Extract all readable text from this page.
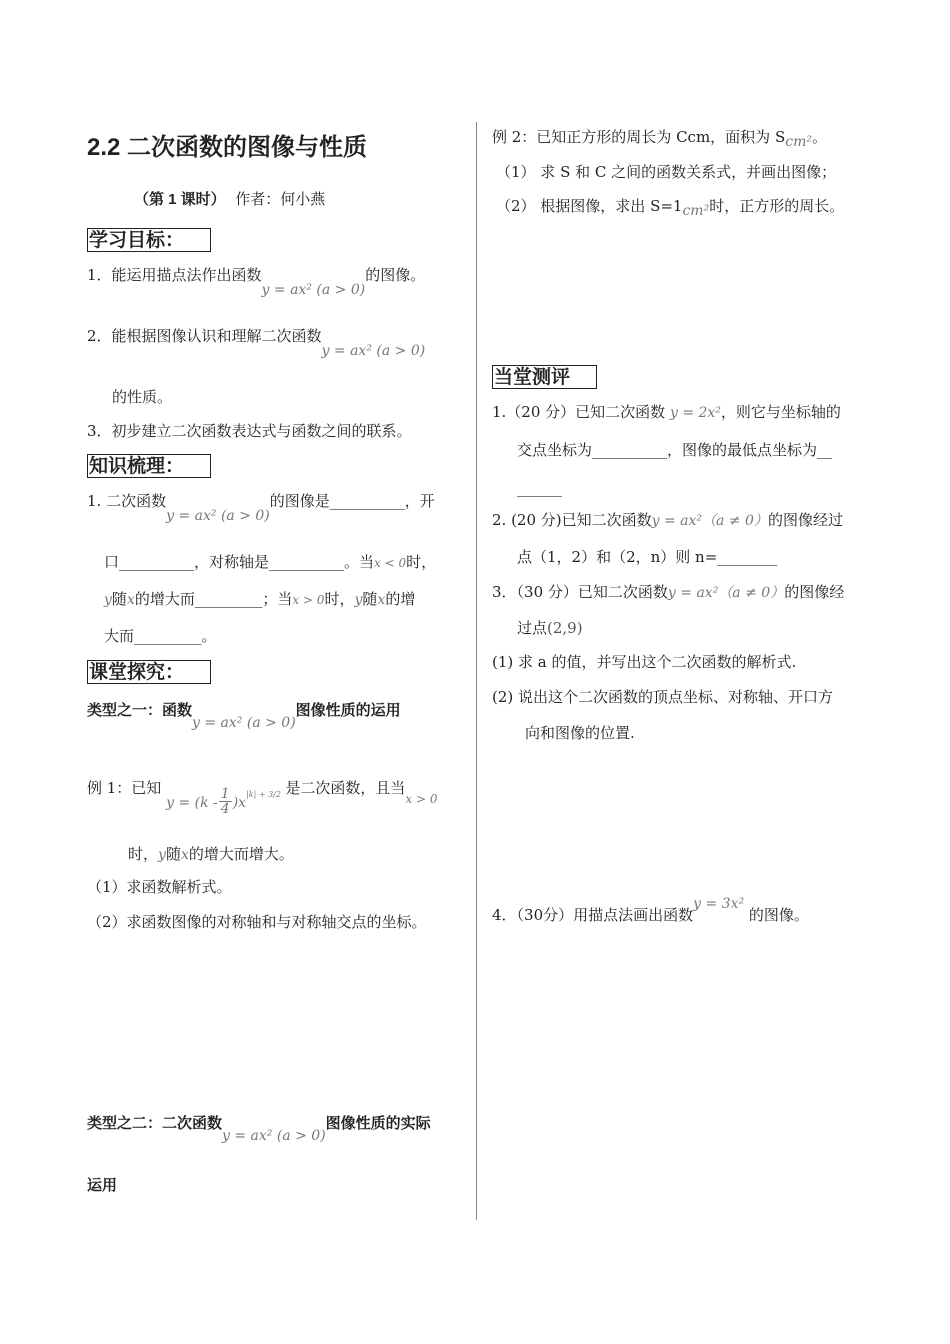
2.2 二次函数的图像与性质
（第 1 课时） 作者：何小燕
学习目标：
1．能运用描点法作出函数y = ax² (a > 0)的图像。
2．能根据图像认识和理解二次函数y = ax² (a > 0)
的性质。
3．初步建立二次函数表达式与函数之间的联系。
知识梳理：
1. 二次函数y = ax² (a > 0)的图像是__________，开
口__________，对称轴是__________。当x < 0时，
y随x的增大而_________；当x > 0时，y随x的增
大而_________。
课堂探究：
类型之一：函数y = ax² (a > 0)图像性质的运用
例 1：已知 $y = (k - \frac{1}{4} )x^{|k| + 3/2}$ 是二次函数，且当$_{x > 0}$
时，y随x的增大而增大。
（1）求函数解析式。
（2）求函数图像的对称轴和与对称轴交点的坐标。
类型之二：二次函数y = ax² (a > 0)图像性质的实际
运用
例 2：已知正方形的周长为 Ccm，面积为 Scm²。
（1） 求 S 和 C 之间的函数关系式，并画出图像；
（2） 根据图像，求出 S=1cm²时，正方形的周长。
当堂测评
1.（20 分）已知二次函数 y = 2x²，则它与坐标轴的
交点坐标为__________，图像的最低点坐标为__
______
2. (20 分)已知二次函数y = ax²（a ≠ 0）的图像经过
点（1，2）和（2，n）则 n=________
3．（30 分）已知二次函数y = ax²（a ≠ 0）的图像经
过点(2,9)
(1) 求 a 的值，并写出这个二次函数的解析式.
(2) 说出这个二次函数的顶点坐标、对称轴、开口方
向和图像的位置.
4．（30分）用描点法画出函数y = 3x² 的图像。
